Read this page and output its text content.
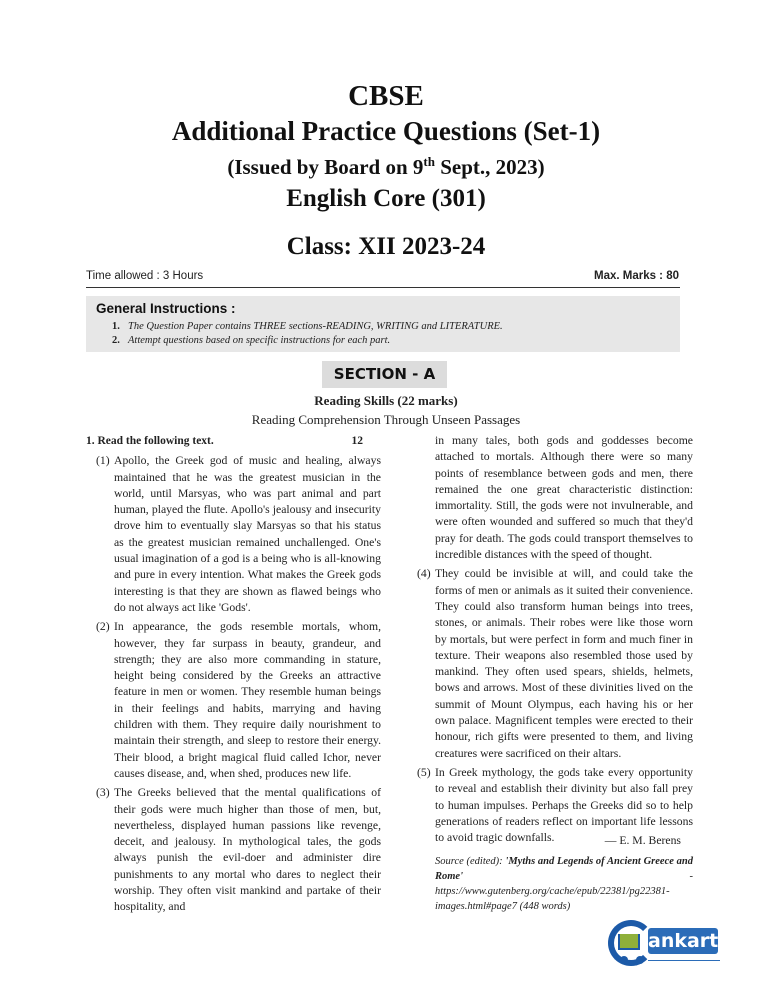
CBSE
Additional Practice Questions (Set-1)
(Issued by Board on 9th Sept., 2023)
English Core (301)
Class: XII 2023-24
Time allowed : 3 Hours	Max. Marks : 80
General Instructions :
1. The Question Paper contains THREE sections-READING, WRITING and LITERATURE.
2. Attempt questions based on specific instructions for each part.
SECTION - A
Reading Skills (22 marks)
Reading Comprehension Through Unseen Passages
1. Read the following text.	12
(1) Apollo, the Greek god of music and healing, always maintained that he was the greatest musician in the world, until Marsyas, who was part animal and part human, played the flute. Apollo's jealousy and insecurity drove him to eventually slay Marsyas so that his status as the greatest musician remained unchallenged. One's usual imagination of a god is a being who is all-knowing and pure in every intention. What makes the Greek gods interesting is that they are shown as flawed beings who do not always act like 'Gods'.
(2) In appearance, the gods resemble mortals, whom, however, they far surpass in beauty, grandeur, and strength; they are also more commanding in stature, height being considered by the Greeks an attractive feature in men or women. They resemble human beings in their feelings and habits, marrying and having children with them. They require daily nourishment to maintain their strength, and sleep to restore their energy. Their blood, a bright magical fluid called Ichor, never causes disease, and, when shed, produces new life.
(3) The Greeks believed that the mental qualifications of their gods were much higher than those of men, but, nevertheless, displayed human passions like revenge, deceit, and jealousy. In mythological tales, the gods always punish the evil-doer and administer dire punishments to any mortal who dares to neglect their worship. They often visit mankind and partake of their hospitality, and
in many tales, both gods and goddesses become attached to mortals. Although there were so many points of resemblance between gods and men, there remained the one great characteristic distinction: immortality. Still, the gods were not invulnerable, and were often wounded and suffered so much that they'd pray for death. The gods could transport themselves to incredible distances with the speed of thought.
(4) They could be invisible at will, and could take the forms of men or animals as it suited their convenience. They could also transform human beings into trees, stones, or animals. Their robes were like those worn by mortals, but were perfect in form and much finer in texture. Their weapons also resembled those used by mankind. They often used spears, shields, helmets, bows and arrows. Most of these divinities lived on the summit of Mount Olympus, each having his or her own palace. Magnificent temples were erected to their honour, rich gifts were presented to them, and living creatures were sacrificed on their altars.
(5) In Greek mythology, the gods take every opportunity to reveal and establish their divinity but also fall prey to human impulses. Perhaps the Greeks did so to help generations of readers reflect on important life lessons to avoid tragic downfalls.	— E. M. Berens
Source (edited): 'Myths and Legends of Ancient Greece and Rome' - https://www.gutenberg.org/cache/epub/22381/pg22381-images.html#page7 (448 words)
ankart
